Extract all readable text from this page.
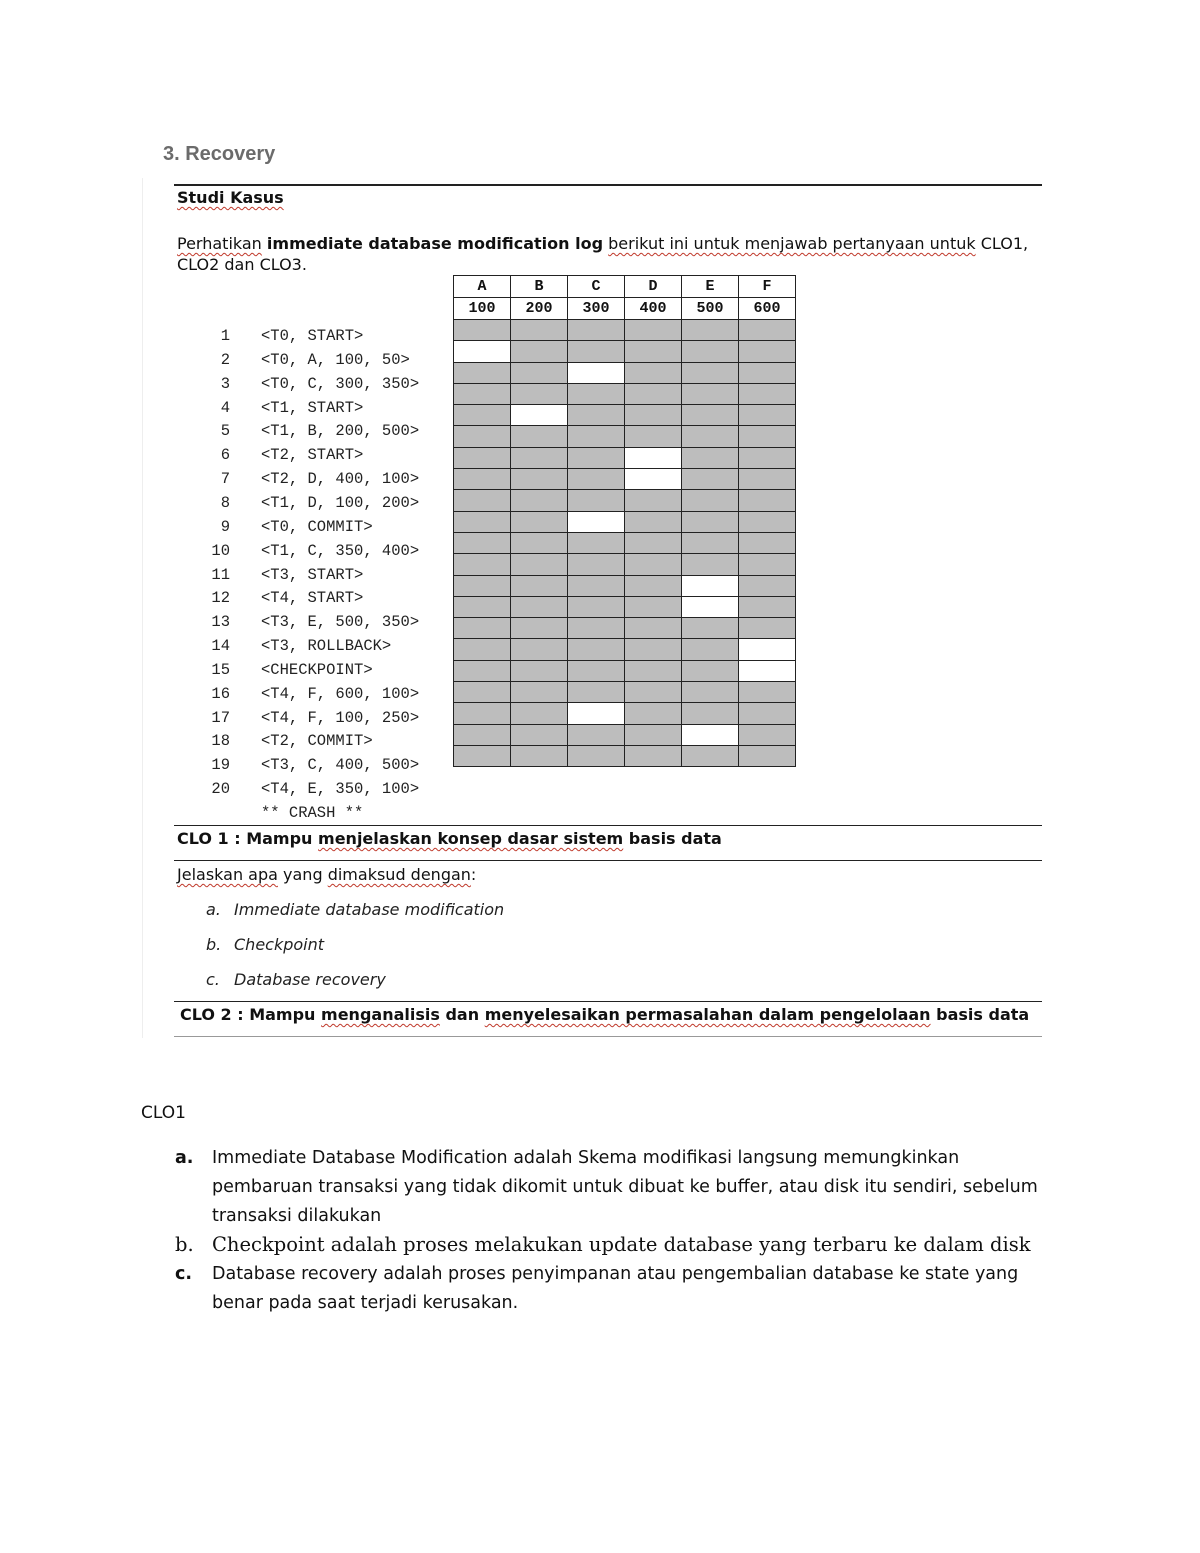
3. Recovery

Studi Kasus

Perhatikan immediate database modification log berikut ini untuk menjawab pertanyaan untuk CLO1, CLO2 dan CLO3.

1 <T0, START>
2 <T0, A, 100, 50>
3 <T0, C, 300, 350>
4 <T1, START>
5 <T1, B, 200, 500>
6 <T2, START>
7 <T2, D, 400, 100>
8 <T1, D, 100, 200>
9 <T0, COMMIT>
10 <T1, C, 350, 400>
11 <T3, START>
12 <T4, START>
13 <T3, E, 500, 350>
14 <T3, ROLLBACK>
15 <CHECKPOINT>
16 <T4, F, 600, 100>
17 <T4, F, 100, 250>
18 <T2, COMMIT>
19 <T3, C, 400, 500>
20 <T4, E, 350, 100>
** CRASH **
A	B	C	D	E	F
100	200	300	400	500	600

CLO 1 : Mampu menjelaskan konsep dasar sistem basis data

Jelaskan apa yang dimaksud dengan:

a. Immediate database modification

b. Checkpoint

c. Database recovery

CLO 2 : Mampu menganalisis dan menyelesaikan permasalahan dalam pengelolaan basis data

CLO1

a. Immediate Database Modification adalah Skema modifikasi langsung memungkinkan pembaruan transaksi yang tidak dikomit untuk dibuat ke buffer, atau disk itu sendiri, sebelum transaksi dilakukan
b. Checkpoint adalah proses melakukan update database yang terbaru ke dalam disk
c. Database recovery adalah proses penyimpanan atau pengembalian database ke state yang benar pada saat terjadi kerusakan.
